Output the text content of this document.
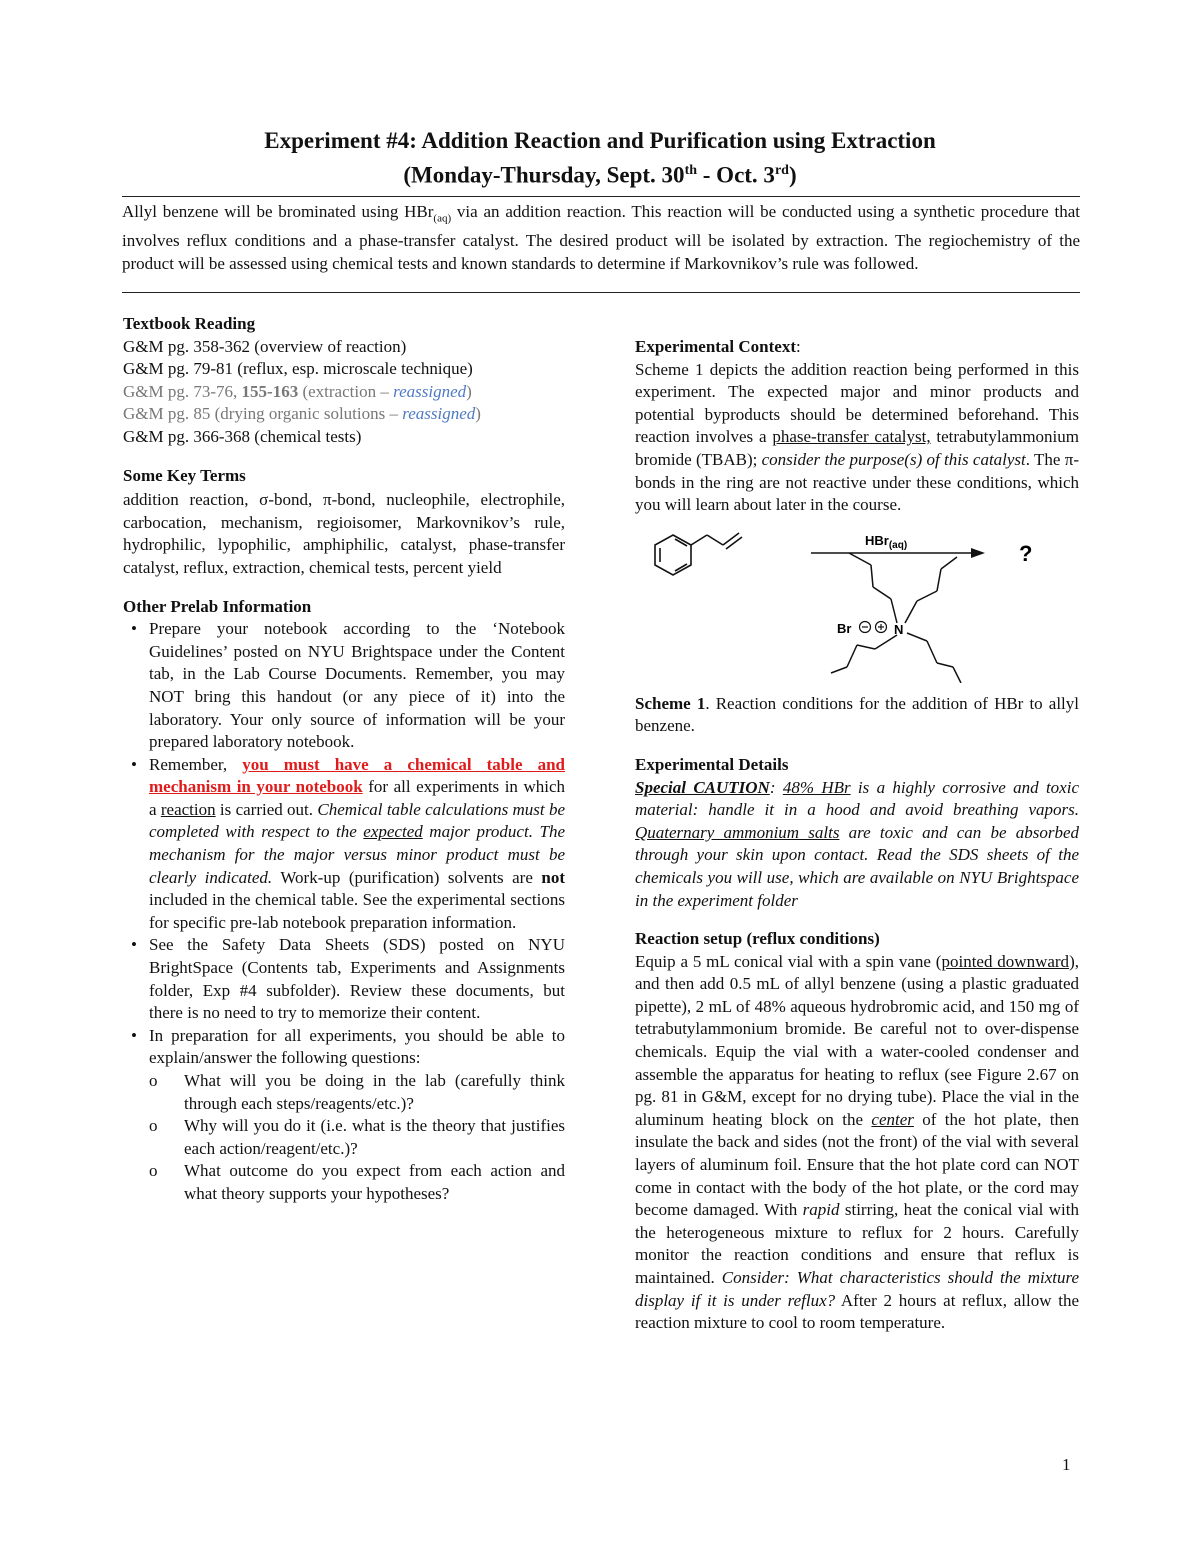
Experiment #4: Addition Reaction and Purification using Extraction
(Monday-Thursday, Sept. 30th - Oct. 3rd)
Allyl benzene will be brominated using HBr$_{(aq)}$ via an addition reaction. This reaction will be conducted using a synthetic procedure that involves reflux conditions and a phase-transfer catalyst. The desired product will be isolated by extraction. The regiochemistry of the product will be assessed using chemical tests and known standards to determine if Markovnikov’s rule was followed.

Textbook Reading

G&M pg. 358-362 (overview of reaction)
G&M pg. 79-81 (reflux, esp. microscale technique)
G&M pg. 73-76, 155-163 (extraction – reassigned)
G&M pg. 85 (drying organic solutions – reassigned)
G&M pg. 366-368 (chemical tests)

Some Key Terms

addition reaction, σ-bond, π-bond, nucleophile, electrophile, carbocation, mechanism, regioisomer, Markovnikov’s rule, hydrophilic, lypophilic, amphiphilic, catalyst, phase-transfer catalyst, reflux, extraction, chemical tests, percent yield

Other Prelab Information

• Prepare your notebook according to the ‘Notebook Guidelines’ posted on NYU Brightspace under the Content tab, in the Lab Course Documents. Remember, you may NOT bring this handout (or any piece of it) into the laboratory. Your only source of information will be your prepared laboratory notebook.
• Remember, you must have a chemical table and mechanism in your notebook for all experiments in which a reaction is carried out. Chemical table calculations must be completed with respect to the expected major product. The mechanism for the major versus minor product must be clearly indicated. Work-up (purification) solvents are not included in the chemical table. See the experimental sections for specific pre-lab notebook preparation information.
• See the Safety Data Sheets (SDS) posted on NYU BrightSpace (Contents tab, Experiments and Assignments folder, Exp #4 subfolder). Review these documents, but there is no need to try to memorize their content.
• In preparation for all experiments, you should be able to explain/answer the following questions:
o What will you be doing in the lab (carefully think through each steps/reagents/etc.)?
o Why will you do it (i.e. what is the theory that justifies each action/reagent/etc.)?
o What outcome do you expect from each action and what theory supports your hypotheses?

Experimental Context:

Scheme 1 depicts the addition reaction being performed in this experiment. The expected major and minor products and potential byproducts should be determined beforehand. This reaction involves a phase-transfer catalyst, tetrabutylammonium bromide (TBAB); consider the purpose(s) of this catalyst. The π-bonds in the ring are not reactive under these conditions, which you will learn about later in the course.
HBr$_{(aq)}$	?
Br	N
Scheme 1. Reaction conditions for the addition of HBr to allyl benzene.

Experimental Details

Special CAUTION: 48% HBr is a highly corrosive and toxic material: handle it in a hood and avoid breathing vapors. Quaternary ammonium salts are toxic and can be absorbed through your skin upon contact. Read the SDS sheets of the chemicals you will use, which are available on NYU Brightspace in the experiment folder

Reaction setup (reflux conditions)

Equip a 5 mL conical vial with a spin vane (pointed downward), and then add 0.5 mL of allyl benzene (using a plastic graduated pipette), 2 mL of 48% aqueous hydrobromic acid, and 150 mg of tetrabutylammonium bromide. Be careful not to over-dispense chemicals. Equip the vial with a water-cooled condenser and assemble the apparatus for heating to reflux (see Figure 2.67 on pg. 81 in G&M, except for no drying tube). Place the vial in the aluminum heating block on the center of the hot plate, then insulate the back and sides (not the front) of the vial with several layers of aluminum foil. Ensure that the hot plate cord can NOT come in contact with the body of the hot plate, or the cord may become damaged. With rapid stirring, heat the conical vial with the heterogeneous mixture to reflux for 2 hours. Carefully monitor the reaction conditions and ensure that reflux is maintained. Consider: What characteristics should the mixture display if it is under reflux? After 2 hours at reflux, allow the reaction mixture to cool to room temperature.
1
